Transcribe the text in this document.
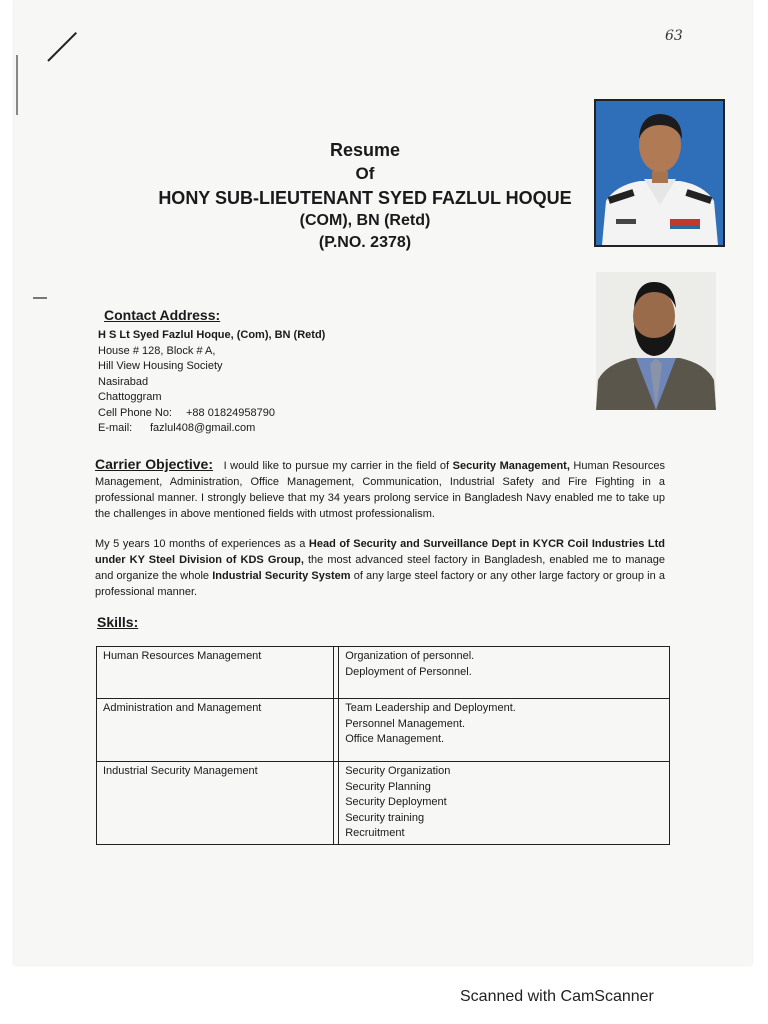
63
Resume
Of
HONY SUB-LIEUTENANT SYED FAZLUL HOQUE
(COM), BN (Retd)
(P.NO. 2378)
Contact Address:
H S Lt Syed Fazlul Hoque, (Com), BN (Retd)
House # 128, Block # A,
Hill View Housing Society
Nasirabad
Chattoggram
Cell Phone No: +88 01824958790
E-mail: fazlul408@gmail.com
Carrier Objective: I would like to pursue my carrier in the field of Security Management, Human Resources Management, Administration, Office Management, Communication, Industrial Safety and Fire Fighting in a professional manner. I strongly believe that my 34 years prolong service in Bangladesh Navy enabled me to take up the challenges in above mentioned fields with utmost professionalism.
My 5 years 10 months of experiences as a Head of Security and Surveillance Dept in KYCR Coil Industries Ltd under KY Steel Division of KDS Group, the most advanced steel factory in Bangladesh, enabled me to manage and organize the whole Industrial Security System of any large steel factory or any other large factory or group in a professional manner.
Skills:
Human Resources Management		Organization of personnel.
Deployment of Personnel.

Administration and Management		Team Leadership and Deployment.
Personnel Management.
Office Management.

Industrial Security Management		Security Organization
Security Planning
Security Deployment
Security training
Recruitment
Scanned with CamScanner
